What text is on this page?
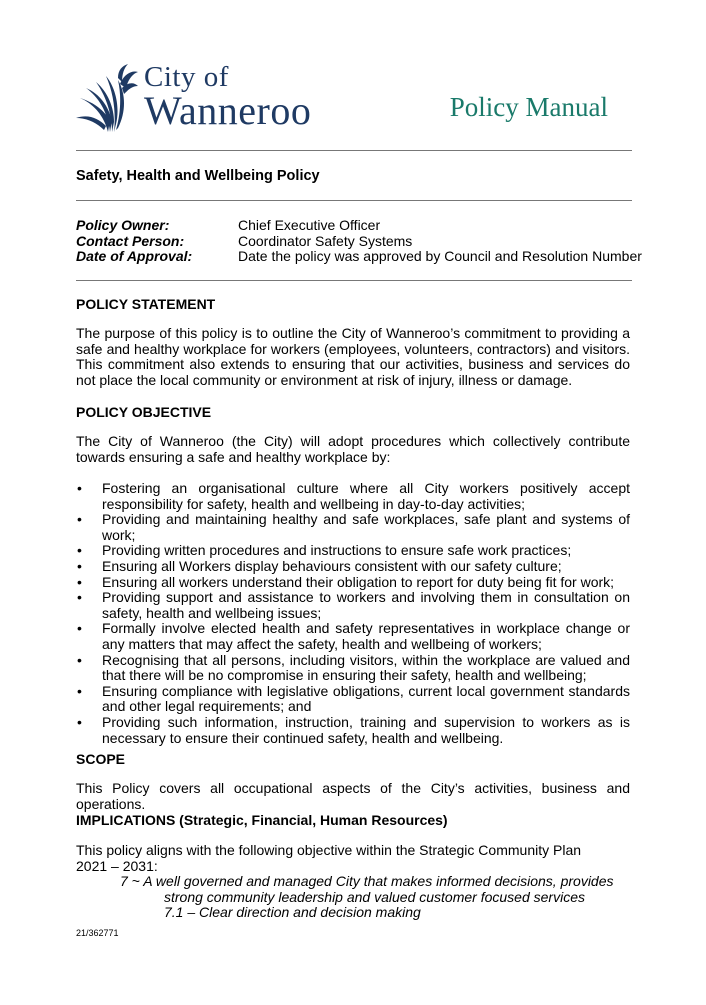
City of
Wanneroo	Policy Manual
Safety, Health and Wellbeing Policy
Policy Owner:	Chief Executive Officer
Contact Person:	Coordinator Safety Systems
Date of Approval:	Date the policy was approved by Council and Resolution Number
POLICY STATEMENT
The purpose of this policy is to outline the City of Wanneroo’s commitment to providing a safe and healthy workplace for workers (employees, volunteers, contractors) and visitors. This commitment also extends to ensuring that our activities, business and services do not place the local community or environment at risk of injury, illness or damage.
POLICY OBJECTIVE
The City of Wanneroo (the City) will adopt procedures which collectively contribute towards ensuring a safe and healthy workplace by:
• Fostering an organisational culture where all City workers positively accept responsibility for safety, health and wellbeing in day-to-day activities;
• Providing and maintaining healthy and safe workplaces, safe plant and systems of work;
• Providing written procedures and instructions to ensure safe work practices;
• Ensuring all Workers display behaviours consistent with our safety culture;
• Ensuring all workers understand their obligation to report for duty being fit for work;
• Providing support and assistance to workers and involving them in consultation on safety, health and wellbeing issues;
• Formally involve elected health and safety representatives in workplace change or any matters that may affect the safety, health and wellbeing of workers;
• Recognising that all persons, including visitors, within the workplace are valued and that there will be no compromise in ensuring their safety, health and wellbeing;
• Ensuring compliance with legislative obligations, current local government standards and other legal requirements; and
• Providing such information, instruction, training and supervision to workers as is necessary to ensure their continued safety, health and wellbeing.
SCOPE
This Policy covers all occupational aspects of the City’s activities, business and operations.
IMPLICATIONS (Strategic, Financial, Human Resources)
This policy aligns with the following objective within the Strategic Community Plan 2021 – 2031:
7 ~ A well governed and managed City that makes informed decisions, provides
strong community leadership and valued customer focused services
7.1 – Clear direction and decision making
21/362771
